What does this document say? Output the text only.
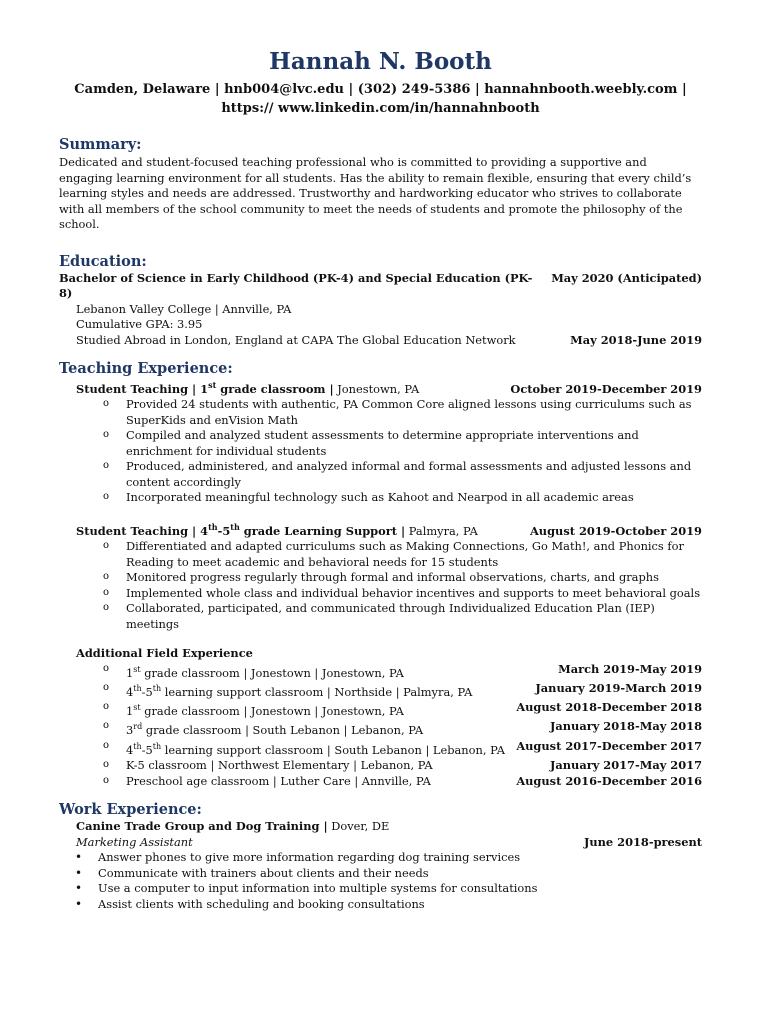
Hannah N. Booth
Camden, Delaware | hnb004@lvc.edu | (302) 249-5386 | hannahnbooth.weebly.com |
https:// www.linkedin.com/in/hannahnbooth
Summary:
Dedicated and student-focused teaching professional who is committed to providing a supportive and engaging learning environment for all students. Has the ability to remain flexible, ensuring that every child’s learning styles and needs are addressed. Trustworthy and hardworking educator who strives to collaborate with all members of the school community to meet the needs of students and promote the philosophy of the school.
Education:
Bachelor of Science in Early Childhood (PK-4) and Special Education (PK-8)
May 2020 (Anticipated)
Lebanon Valley College | Annville, PA
Cumulative GPA: 3.95
Studied Abroad in London, England at CAPA The Global Education Network	May 2018-June 2019
Teaching Experience:
Student Teaching | 1st grade classroom | Jonestown, PA	October 2019-December 2019
o Provided 24 students with authentic, PA Common Core aligned lessons using curriculums such as SuperKids and enVision Math
o Compiled and analyzed student assessments to determine appropriate interventions and enrichment for individual students
o Produced, administered, and analyzed informal and formal assessments and adjusted lessons and content accordingly
o Incorporated meaningful technology such as Kahoot and Nearpod in all academic areas
Student Teaching | 4th-5th grade Learning Support | Palmyra, PA	August 2019-October 2019
o Differentiated and adapted curriculums such as Making Connections, Go Math!, and Phonics for Reading to meet academic and behavioral needs for 15 students
o Monitored progress regularly through formal and informal observations, charts, and graphs
o Implemented whole class and individual behavior incentives and supports to meet behavioral goals
o Collaborated, participated, and communicated through Individualized Education Plan (IEP) meetings
Additional Field Experience
o 1st grade classroom | Jonestown | Jonestown, PA	March 2019-May 2019
o 4th-5th learning support classroom | Northside | Palmyra, PA	January 2019-March 2019
o 1st grade classroom | Jonestown | Jonestown, PA	August 2018-December 2018
o 3rd grade classroom | South Lebanon | Lebanon, PA	January 2018-May 2018
o 4th-5th learning support classroom | South Lebanon | Lebanon, PA August 2017-December 2017
o K-5 classroom | Northwest Elementary | Lebanon, PA	January 2017-May 2017
o Preschool age classroom | Luther Care | Annville, PA	August 2016-December 2016
Work Experience:
Canine Trade Group and Dog Training | Dover, DE
Marketing Assistant	June 2018-present
• Answer phones to give more information regarding dog training services
• Communicate with trainers about clients and their needs
• Use a computer to input information into multiple systems for consultations
• Assist clients with scheduling and booking consultations
